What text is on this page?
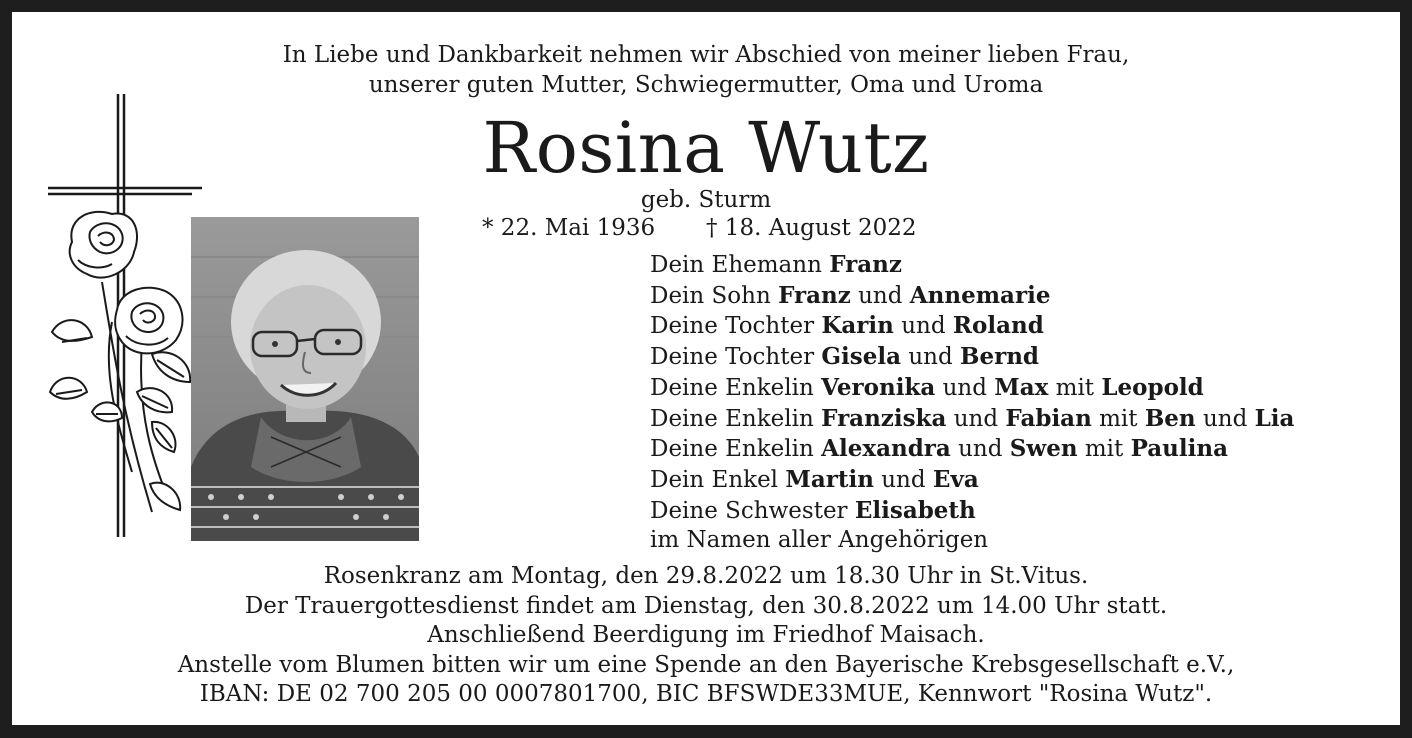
In Liebe und Dankbarkeit nehmen wir Abschied von meiner lieben Frau,
unserer guten Mutter, Schwiegermutter, Oma und Uroma
Rosina Wutz
geb. Sturm
* 22. Mai 1936 † 18. August 2022
Dein Ehemann Franz
Dein Sohn Franz und Annemarie
Deine Tochter Karin und Roland
Deine Tochter Gisela und Bernd
Deine Enkelin Veronika und Max mit Leopold
Deine Enkelin Franziska und Fabian mit Ben und Lia
Deine Enkelin Alexandra und Swen mit Paulina
Dein Enkel Martin und Eva
Deine Schwester Elisabeth
im Namen aller Angehörigen
Rosenkranz am Montag, den 29.8.2022 um 18.30 Uhr in St.Vitus.
Der Trauergottesdienst findet am Dienstag, den 30.8.2022 um 14.00 Uhr statt.
Anschließend Beerdigung im Friedhof Maisach.
Anstelle vom Blumen bitten wir um eine Spende an den Bayerische Krebsgesellschaft e.V.,
IBAN: DE 02 700 205 00 0007801700, BIC BFSWDE33MUE, Kennwort "Rosina Wutz".
